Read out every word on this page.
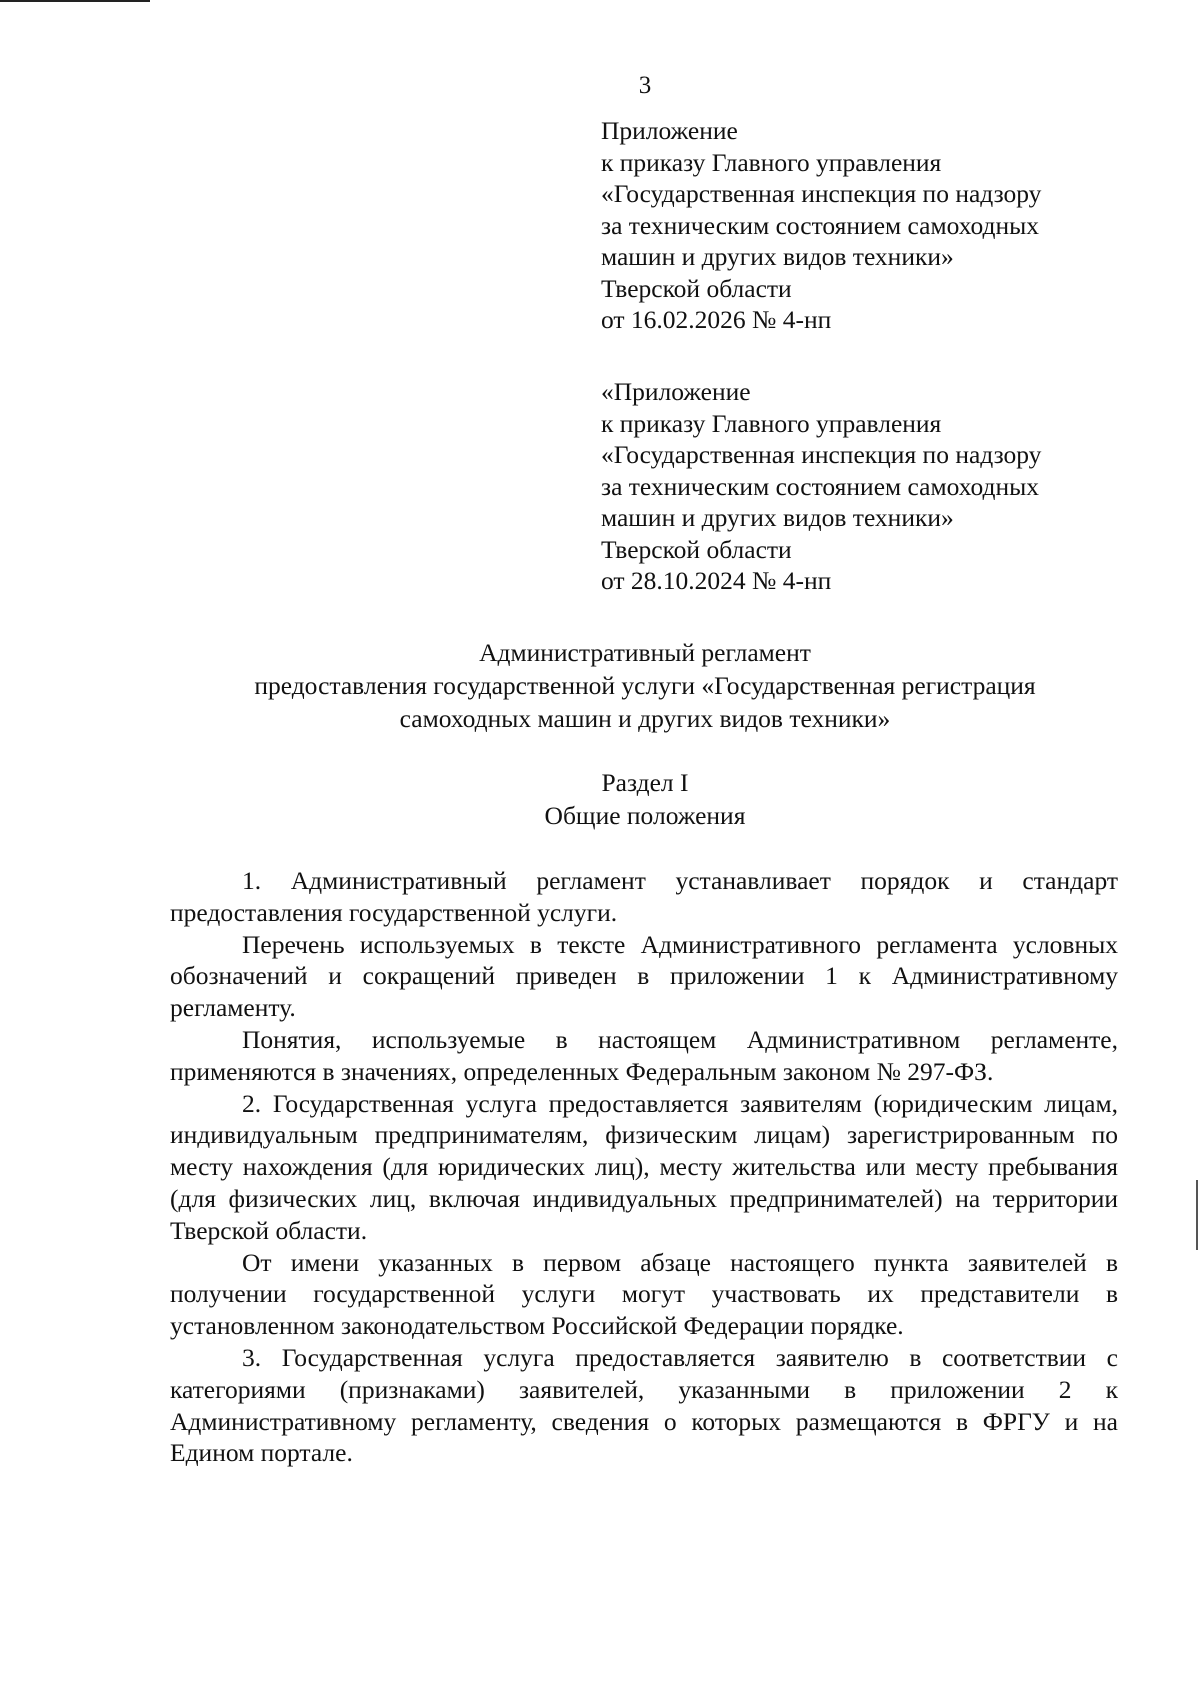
3
Приложение
к приказу Главного управления
«Государственная инспекция по надзору
за техническим состоянием самоходных
машин и других видов техники»
Тверской области
от 16.02.2026 № 4-нп
«Приложение
к приказу Главного управления
«Государственная инспекция по надзору
за техническим состоянием самоходных
машин и других видов техники»
Тверской области
от 28.10.2024 № 4-нп
Административный регламент
предоставления государственной услуги «Государственная регистрация
самоходных машин и других видов техники»
Раздел I
Общие положения

1. Административный регламент устанавливает порядок и стандарт предоставления государственной услуги.

Перечень используемых в тексте Административного регламента условных обозначений и сокращений приведен в приложении 1 к Административному регламенту.

Понятия, используемые в настоящем Административном регламенте, применяются в значениях, определенных Федеральным законом № 297-ФЗ.

2. Государственная услуга предоставляется заявителям (юридическим лицам, индивидуальным предпринимателям, физическим лицам) зарегистрированным по месту нахождения (для юридических лиц), месту жительства или месту пребывания (для физических лиц, включая индивидуальных предпринимателей) на территории Тверской области.

От имени указанных в первом абзаце настоящего пункта заявителей в получении государственной услуги могут участвовать их представители в установленном законодательством Российской Федерации порядке.

3. Государственная услуга предоставляется заявителю в соответствии с категориями (признаками) заявителей, указанными в приложении 2 к Административному регламенту, сведения о которых размещаются в ФРГУ и на Едином портале.
